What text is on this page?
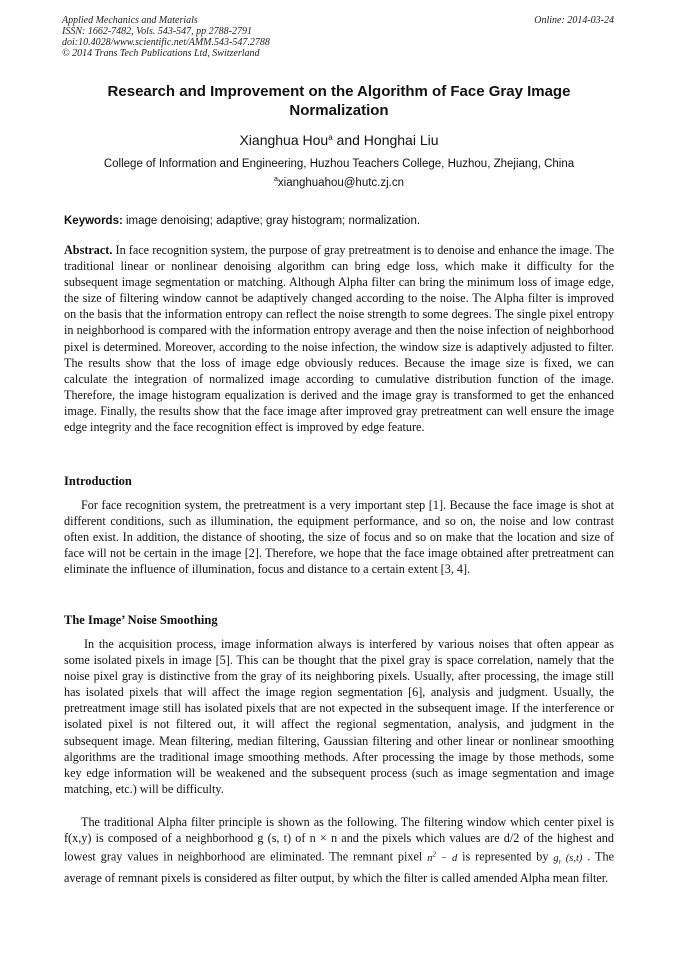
Applied Mechanics and Materials
ISSN: 1662-7482, Vols. 543-547, pp 2788-2791
doi:10.4028/www.scientific.net/AMM.543-547.2788
© 2014 Trans Tech Publications Ltd, Switzerland
Online: 2014-03-24
Research and Improvement on the Algorithm of Face Gray Image
Normalization
Xianghua Hou$^a$ and Honghai Liu
College of Information and Engineering, Huzhou Teachers College, Huzhou, Zhejiang, China
$^a$xianghuahou@hutc.zj.cn
Keywords: image denoising; adaptive; gray histogram; normalization.
Abstract. In face recognition system, the purpose of gray pretreatment is to denoise and enhance the image. The traditional linear or nonlinear denoising algorithm can bring edge loss, which make it difficulty for the subsequent image segmentation or matching. Although Alpha filter can bring the minimum loss of image edge, the size of filtering window cannot be adaptively changed according to the noise. The Alpha filter is improved on the basis that the information entropy can reflect the noise strength to some degrees. The single pixel entropy in neighborhood is compared with the information entropy average and then the noise infection of neighborhood pixel is determined. Moreover, according to the noise infection, the window size is adaptively adjusted to filter. The results show that the loss of image edge obviously reduces. Because the image size is fixed, we can calculate the integration of normalized image according to cumulative distribution function of the image. Therefore, the image histogram equalization is derived and the image gray is transformed to get the enhanced image. Finally, the results show that the face image after improved gray pretreatment can well ensure the image edge integrity and the face recognition effect is improved by edge feature.
Introduction
For face recognition system, the pretreatment is a very important step [1]. Because the face image is shot at different conditions, such as illumination, the equipment performance, and so on, the noise and low contrast often exist. In addition, the distance of shooting, the size of focus and so on make that the location and size of face will not be certain in the image [2]. Therefore, we hope that the face image obtained after pretreatment can eliminate the influence of illumination, focus and distance to a certain extent [3, 4].
The Image’ Noise Smoothing
In the acquisition process, image information always is interfered by various noises that often appear as some isolated pixels in image [5]. This can be thought that the pixel gray is space correlation, namely that the noise pixel gray is distinctive from the gray of its neighboring pixels. Usually, after processing, the image still has isolated pixels that will affect the image region segmentation [6], analysis and judgment. Usually, the pretreatment image still has isolated pixels that are not expected in the subsequent image. If the interference or isolated pixel is not filtered out, it will affect the regional segmentation, analysis, and judgment in the subsequent image. Mean filtering, median filtering, Gaussian filtering and other linear or nonlinear smoothing algorithms are the traditional image smoothing methods. After processing the image by those methods, some key edge information will be weakened and the subsequent process (such as image segmentation and image matching, etc.) will be difficulty.
The traditional Alpha filter principle is shown as the following. The filtering window which center pixel is f(x,y) is composed of a neighborhood g (s, t) of n × n and the pixels which values are d/2 of the highest and lowest gray values in neighborhood are eliminated. The remnant pixel $n^2 - d$ is represented by $g_r$ (s,t) . The average of remnant pixels is considered as filter output, by which the filter is called amended Alpha mean filter.
